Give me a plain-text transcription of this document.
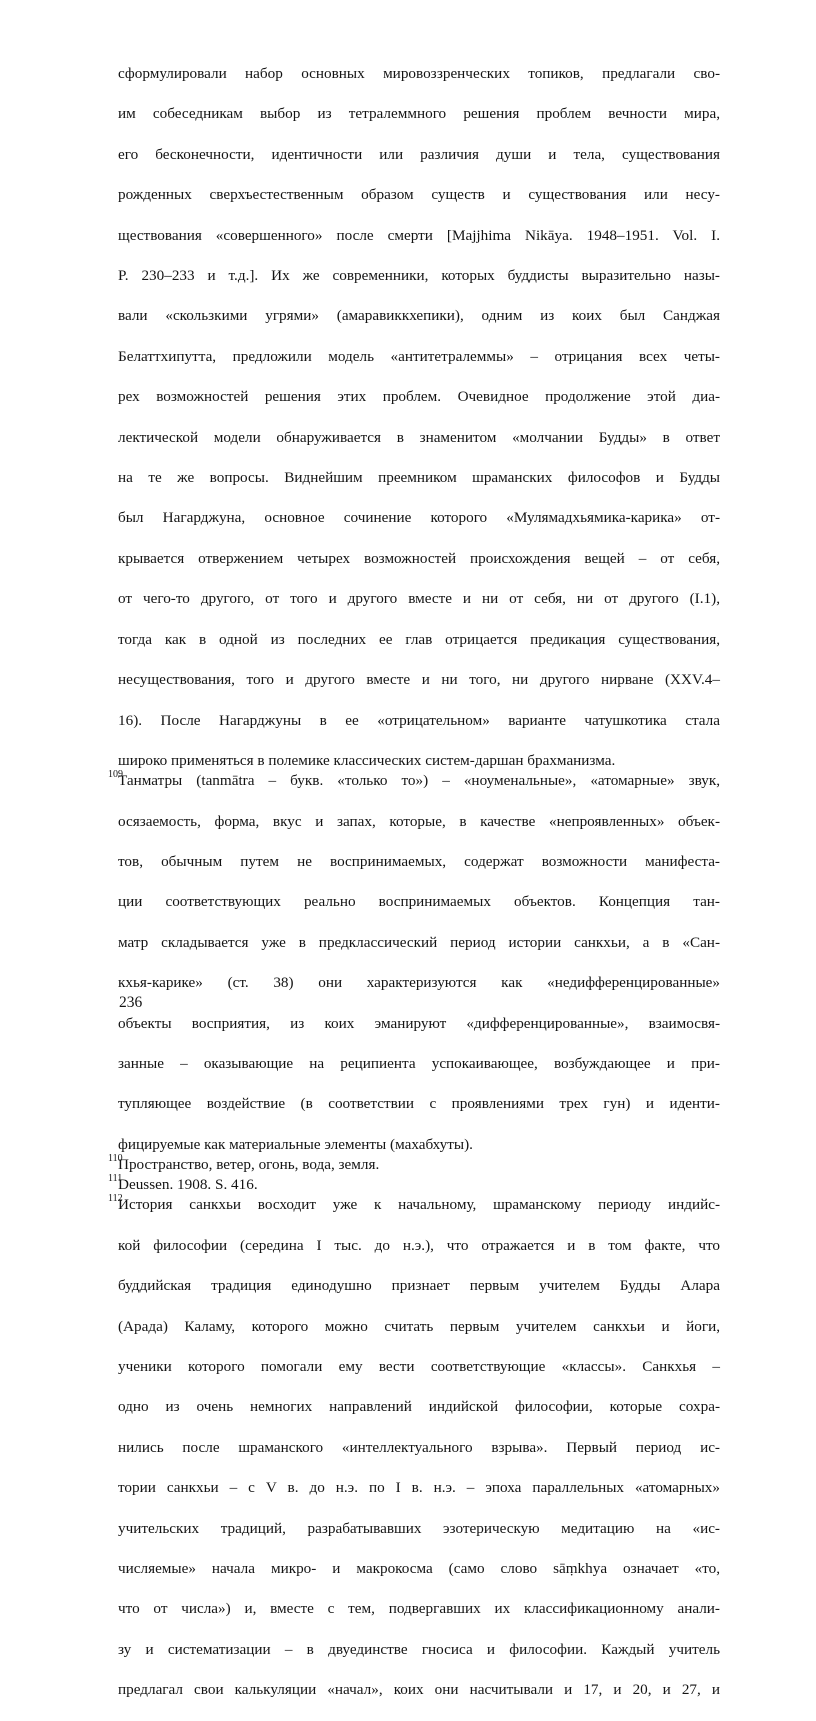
сформулировали набор основных мировоззренческих топиков, предлагали сво-
им собеседникам выбор из тетралеммного решения проблем вечности мира,
его бесконечности, идентичности или различия души и тела, существования
рожденных сверхъестественным образом существ и существования или несу-
ществования «совершенного» после смерти [Majjhima Nikāya. 1948–1951. Vol. I.
P. 230–233 и т.д.]. Их же современники, которых буддисты выразительно назы-
вали «скользкими угрями» (амаравиккхепики), одним из коих был Санджая
Белаттхипутта, предложили модель «антитетралеммы» – отрицания всех четы-
рех возможностей решения этих проблем. Очевидное продолжение этой диа-
лектической модели обнаруживается в знаменитом «молчании Будды» в ответ
на те же вопросы. Виднейшим преемником шраманских философов и Будды
был Нагарджуна, основное сочинение которого «Мулямадхьямика-карика» от-
крывается отвержением четырех возможностей происхождения вещей – от себя,
от чего-то другого, от того и другого вместе и ни от себя, ни от другого (I.1),
тогда как в одной из последних ее глав отрицается предикация существования,
несуществования, того и другого вместе и ни того, ни другого нирване (XXV.4–
16). После Нагарджуны в ее «отрицательном» варианте чатушкотика стала
широко применяться в полемике классических систем-даршан брахманизма.
109
Танматры (tanmātra – букв. «только то») – «ноуменальные», «атомарные» звук,
осязаемость, форма, вкус и запах, которые, в качестве «непроявленных» объек-
тов, обычным путем не воспринимаемых, содержат возможности манифеста-
ции соответствующих реально воспринимаемых объектов. Концепция тан-
матр складывается уже в предклассический период истории санкхьи, а в «Сан-
кхья-карике» (ст. 38) они характеризуются как «недифференцированные»
объекты восприятия, из коих эманируют «дифференцированные», взаимосвя-
занные – оказывающие на реципиента успокаивающее, возбуждающее и при-
тупляющее воздействие (в соответствии с проявлениями трех гун) и иденти-
фицируемые как материальные элементы (махабхуты).
110
Пространство, ветер, огонь, вода, земля.
111
Deussen. 1908. S. 416.
112
История санкхьи восходит уже к начальному, шраманскому периоду индийс-
кой философии (середина I тыс. до н.э.), что отражается и в том факте, что
буддийская традиция единодушно признает первым учителем Будды Алара
(Арада) Каламу, которого можно считать первым учителем санкхьи и йоги,
ученики которого помогали ему вести соответствующие «классы». Санкхья –
одно из очень немногих направлений индийской философии, которые сохра-
нились после шраманского «интеллектуального взрыва». Первый период ис-
тории санкхьи – с V в. до н.э. по I в. н.э. – эпоха параллельных «атомарных»
учительских традиций, разрабатывавших эзотерическую медитацию на «ис-
числяемые» начала микро- и макрокосма (само слово sāṃkhya означает «то,
что от числа») и, вместе с тем, подвергавших их классификационному анали-
зу и систематизации – в двуединстве гносиса и философии. Каждый учитель
предлагал свои калькуляции «начал», коих они насчитывали и 17, и 20, и 27, и
236
